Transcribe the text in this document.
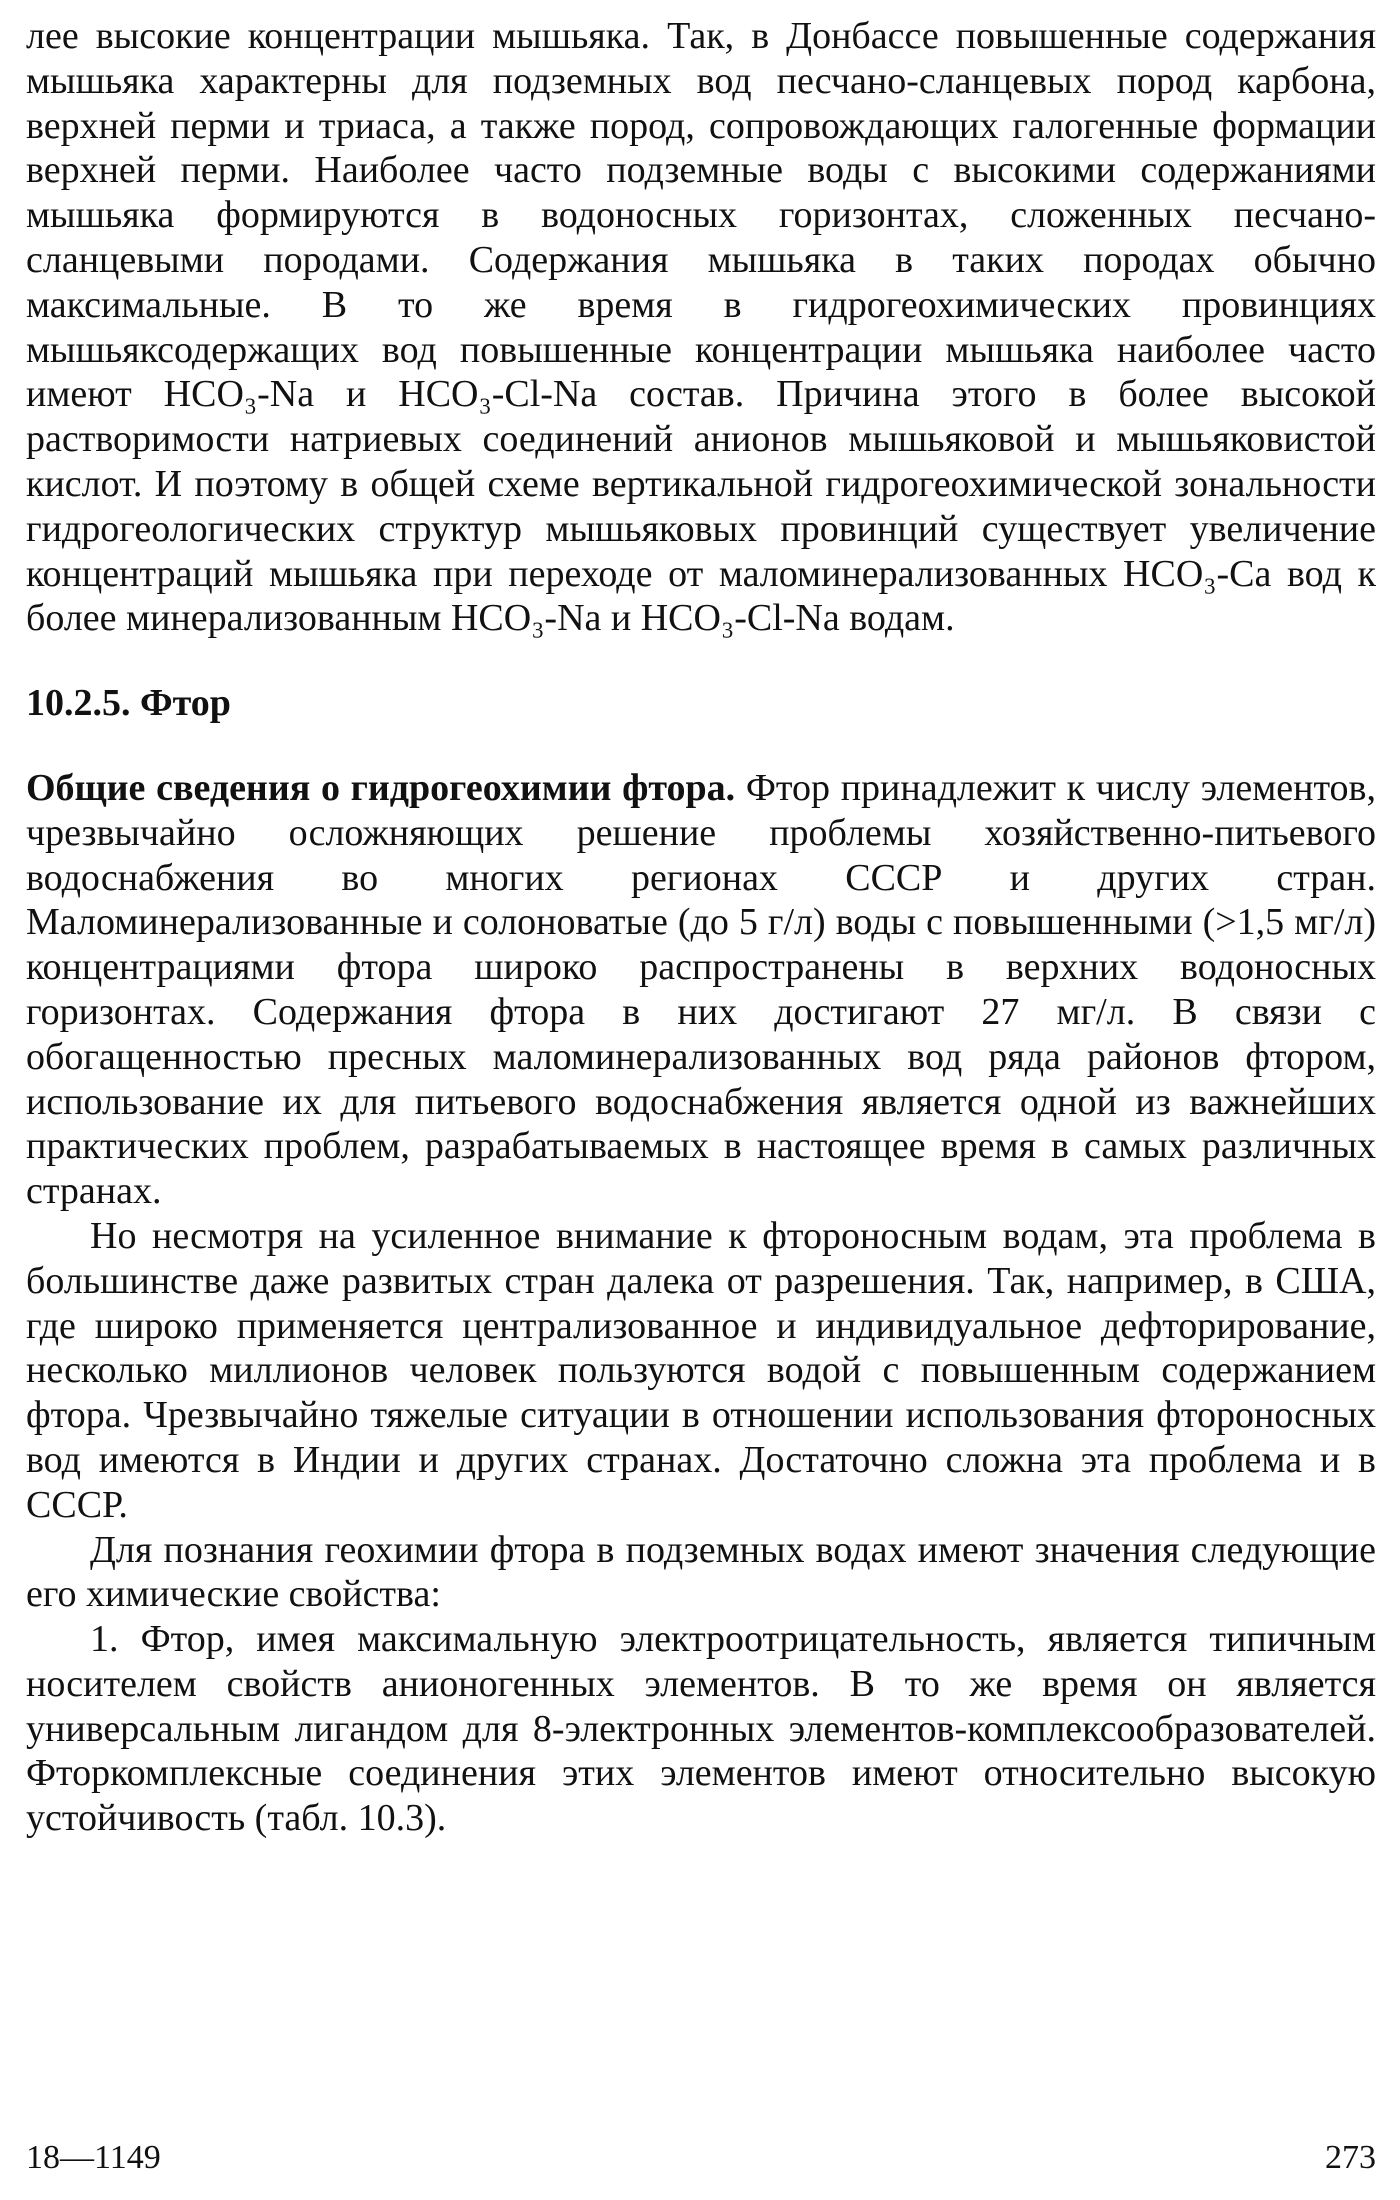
лее высокие концентрации мышьяка. Так, в Донбассе повышенные содержания мышьяка характерны для подземных вод песчано-сланцевых пород карбона, верхней перми и триаса, а также пород, сопровождающих галогенные формации верхней перми. Наиболее часто подземные воды с высокими содержаниями мышьяка формируются в водоносных горизонтах, сложенных песчано-сланцевыми породами. Содержания мышьяка в таких породах обычно максимальные. В то же время в гидрогеохимических провинциях мышьяксодержащих вод повышенные концентрации мышьяка наиболее часто имеют HCO₃-Na и HCO₃-Cl-Na состав. Причина этого в более высокой растворимости натриевых соединений анионов мышьяковой и мышьяковистой кислот. И поэтому в общей схеме вертикальной гидрогеохимической зональности гидрогеологических структур мышьяковых провинций существует увеличение концентраций мышьяка при переходе от маломинерализованных HCO₃-Ca вод к более минерализованным HCO₃-Na и HCO₃-Cl-Na водам.

10.2.5. Фтор

Общие сведения о гидрогеохимии фтора. Фтор принадлежит к числу элементов, чрезвычайно осложняющих решение проблемы хозяйственно-питьевого водоснабжения во многих регионах СССР и других стран. Маломинерализованные и солоноватые (до 5 г/л) воды с повышенными (>1,5 мг/л) концентрациями фтора широко распространены в верхних водоносных горизонтах. Содержания фтора в них достигают 27 мг/л. В связи с обогащенностью пресных маломинерализованных вод ряда районов фтором, использование их для питьевого водоснабжения является одной из важнейших практических проблем, разрабатываемых в настоящее время в самых различных странах.

Но несмотря на усиленное внимание к фтороносным водам, эта проблема в большинстве даже развитых стран далека от разрешения. Так, например, в США, где широко применяется централизованное и индивидуальное дефторирование, несколько миллионов человек пользуются водой с повышенным содержанием фтора. Чрезвычайно тяжелые ситуации в отношении использования фтороносных вод имеются в Индии и других странах. Достаточно сложна эта проблема и в СССР.

Для познания геохимии фтора в подземных водах имеют значения следующие его химические свойства:

1. Фтор, имея максимальную электроотрицательность, является типичным носителем свойств анионогенных элементов. В то же время он является универсальным лигандом для 8-электронных элементов-комплексообразователей. Фторкомплексные соединения этих элементов имеют относительно высокую устойчивость (табл. 10.3).

18—1149	273
